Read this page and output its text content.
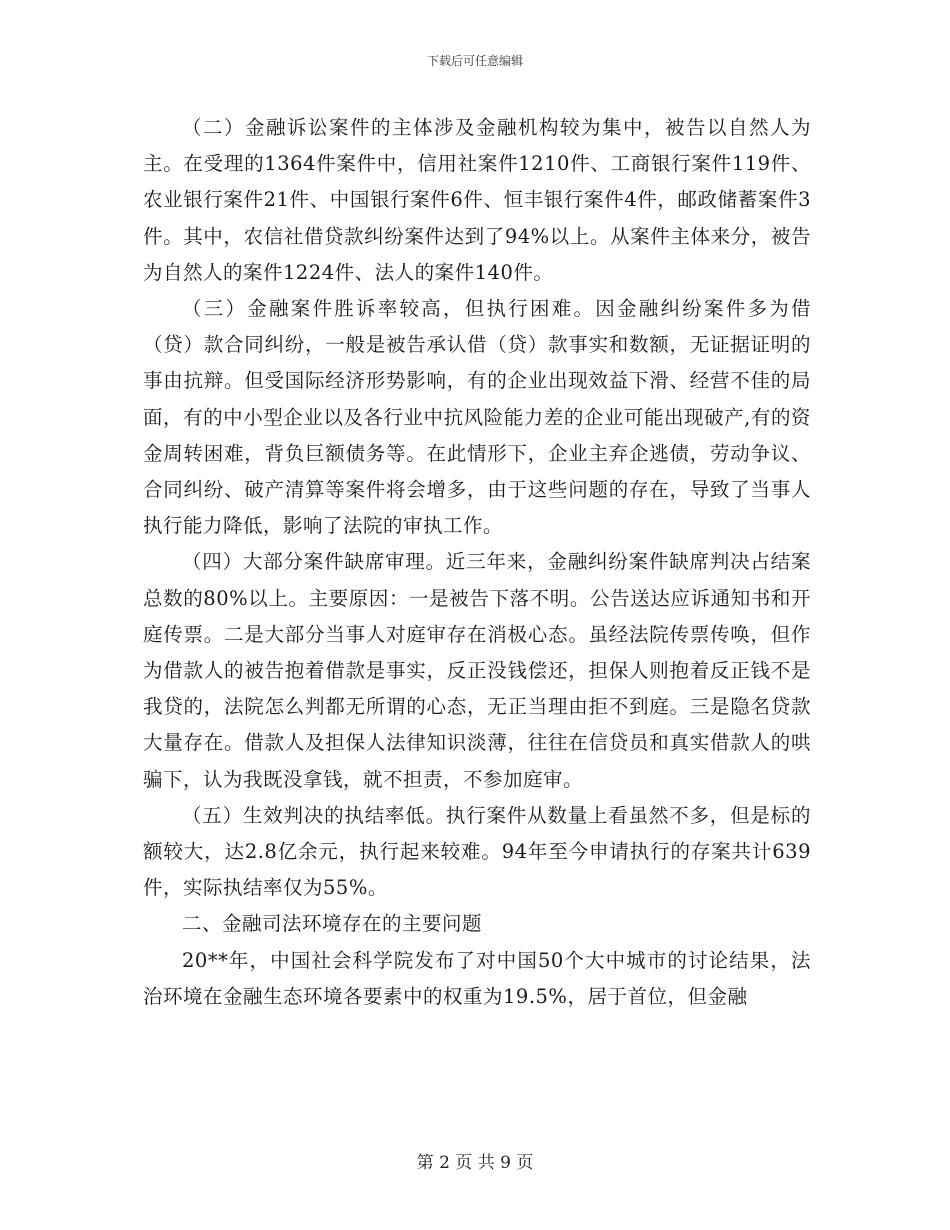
下载后可任意编辑

（二）金融诉讼案件的主体涉及金融机构较为集中，被告以自然人为主。在受理的1364件案件中，信用社案件1210件、工商银行案件119件、农业银行案件21件、中国银行案件6件、恒丰银行案件4件，邮政储蓄案件3件。其中，农信社借贷款纠纷案件达到了94%以上。从案件主体来分，被告为自然人的案件1224件、法人的案件140件。

（三）金融案件胜诉率较高，但执行困难。因金融纠纷案件多为借（贷）款合同纠纷，一般是被告承认借（贷）款事实和数额，无证据证明的事由抗辩。但受国际经济形势影响，有的企业出现效益下滑、经营不佳的局面，有的中小型企业以及各行业中抗风险能力差的企业可能出现破产,有的资金周转困难，背负巨额债务等。在此情形下，企业主弃企逃债，劳动争议、合同纠纷、破产清算等案件将会增多，由于这些问题的存在，导致了当事人执行能力降低，影响了法院的审执工作。

（四）大部分案件缺席审理。近三年来，金融纠纷案件缺席判决占结案总数的80%以上。主要原因：一是被告下落不明。公告送达应诉通知书和开庭传票。二是大部分当事人对庭审存在消极心态。虽经法院传票传唤，但作为借款人的被告抱着借款是事实，反正没钱偿还，担保人则抱着反正钱不是我贷的，法院怎么判都无所谓的心态，无正当理由拒不到庭。三是隐名贷款大量存在。借款人及担保人法律知识淡薄，往往在信贷员和真实借款人的哄骗下，认为我既没拿钱，就不担责，不参加庭审。

（五）生效判决的执结率低。执行案件从数量上看虽然不多，但是标的额较大，达2.8亿余元，执行起来较难。94年至今申请执行的存案共计639件，实际执结率仅为55%。

二、金融司法环境存在的主要问题

20**年，中国社会科学院发布了对中国50个大中城市的讨论结果，法治环境在金融生态环境各要素中的权重为19.5%，居于首位，但金融

第 2 页 共 9 页
